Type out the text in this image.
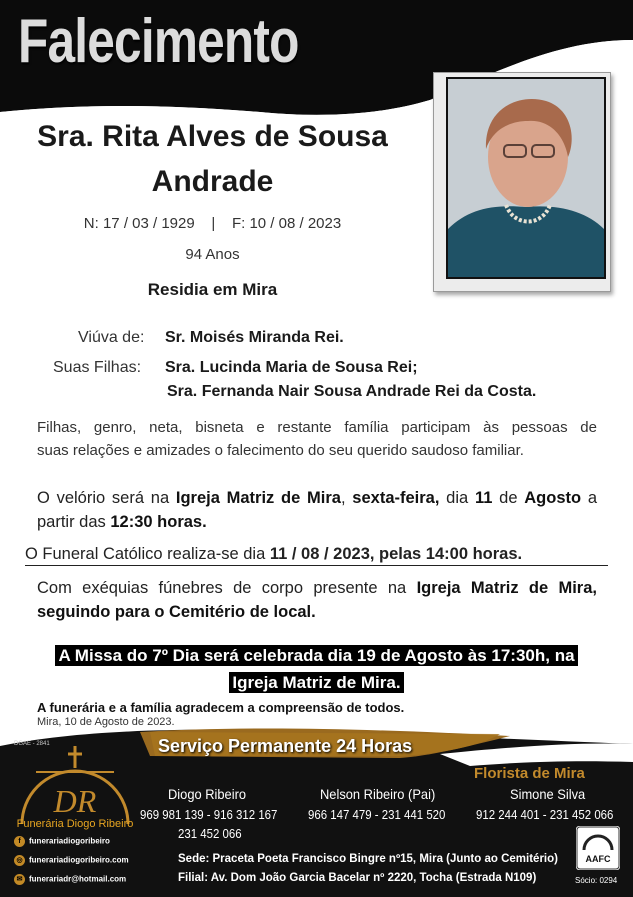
Falecimento
Sra. Rita Alves de Sousa
Andrade
N: 17 / 03 / 1929    |    F: 10 / 08 / 2023
94 Anos
Residia em Mira
Viúva de: Sr. Moisés Miranda Rei.
Suas Filhas: Sra. Lucinda Maria de Sousa Rei;
Sra. Fernanda Nair Sousa Andrade Rei da Costa.
Filhas, genro, neta, bisneta e restante família participam às pessoas de
suas relações e amizades o falecimento do seu querido saudoso familiar.
O velório será na Igreja Matriz de Mira, sexta-feira, dia 11 de Agosto a partir das 12:30 horas.
O Funeral Católico realiza-se dia 11 / 08 / 2023, pelas 14:00 horas.
Com exéquias fúnebres de corpo presente na Igreja Matriz de Mira, seguindo para o Cemitério de local.
A Missa do 7º Dia será celebrada dia 19 de Agosto às 17:30h, na
Igreja Matriz de Mira.
A funerária e a família agradecem a compreensão de todos.
Mira, 10 de Agosto de 2023.
DGAE - 2841	Serviço Permanente 24 Horas
DR
Funerária Diogo Ribeiro
f funerariadiogoribeiro
◎ funerariadiogoribeiro.com
✉ funerariadr@hotmail.com
Diogo Ribeiro
969 981 139 - 916 312 167
231 452 066
Nelson Ribeiro (Pai)
966 147 479 - 231 441 520
Florista de Mira
Simone Silva
912 244 401 - 231 452 066
Sede: Praceta Poeta Francisco Bingre nº15, Mira (Junto ao Cemitério)
Filial: Av. Dom João Garcia Bacelar nº 2220, Tocha (Estrada N109)
AAFC
Sócio: 0294
